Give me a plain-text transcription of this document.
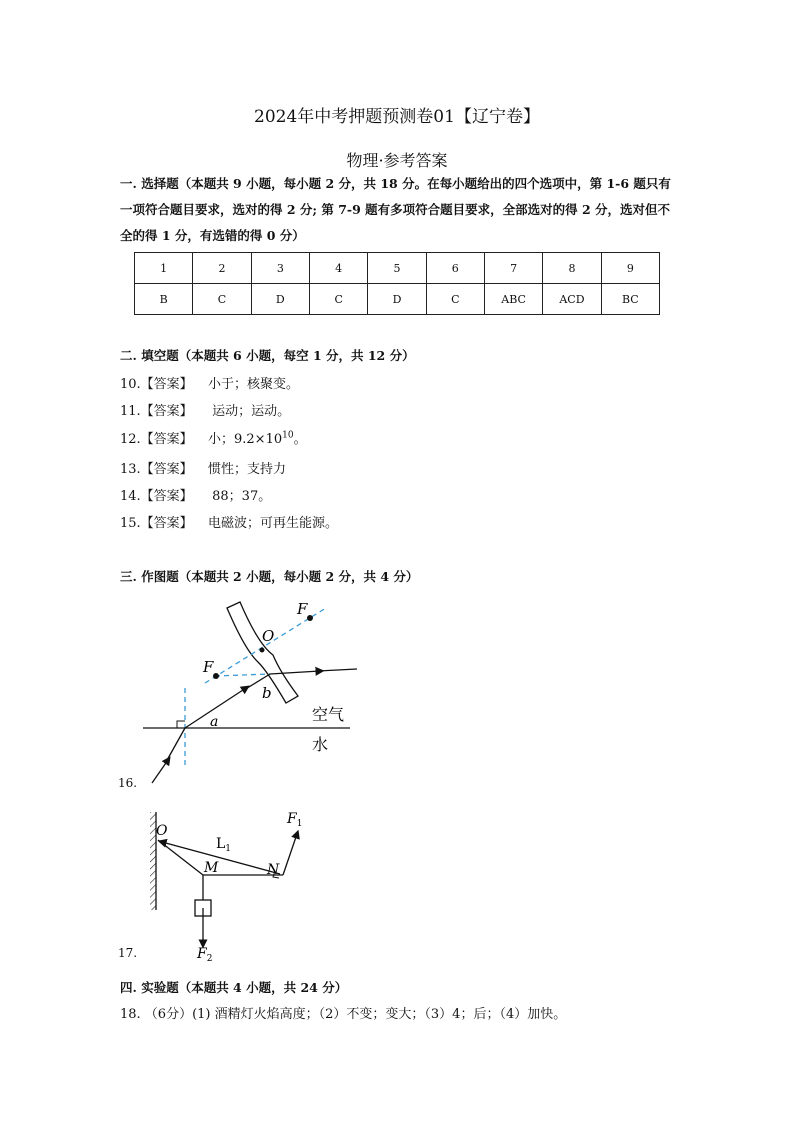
2024年中考押题预测卷01【辽宁卷】
物理·参考答案
一. 选择题（本题共 9 小题，每小题 2 分，共 18 分。在每小题给出的四个选项中，第 1-6 题只有一项符合题目要求，选对的得 2 分; 第 7-9 题有多项符合题目要求，全部选对的得 2 分，选对但不全的得 1 分，有选错的得 0 分）
1	2	3	4	5	6	7	8	9
B	C	D	C	D	C	ABC	ACD	BC
二. 填空题（本题共 6 小题，每空 1 分，共 12 分）
10.【答案】 小于；核聚变。
11.【答案】 运动；运动。
12.【答案】 小；$9.2\times 10^{10}$。
13.【答案】 惯性；支持力
14.【答案】 88；37。
15.【答案】 电磁波；可再生能源。
三. 作图题（本题共 2 小题，每小题 2 分，共 4 分）
F
O
F
b
a	空气
水
16.
O
$L_1$
M	N
$F_1$
$F_2$
17.
四. 实验题（本题共 4 小题，共 24 分）
18. （6分）(1) 酒精灯火焰高度；（2）不变；变大；（3）4；后；（4）加快。
